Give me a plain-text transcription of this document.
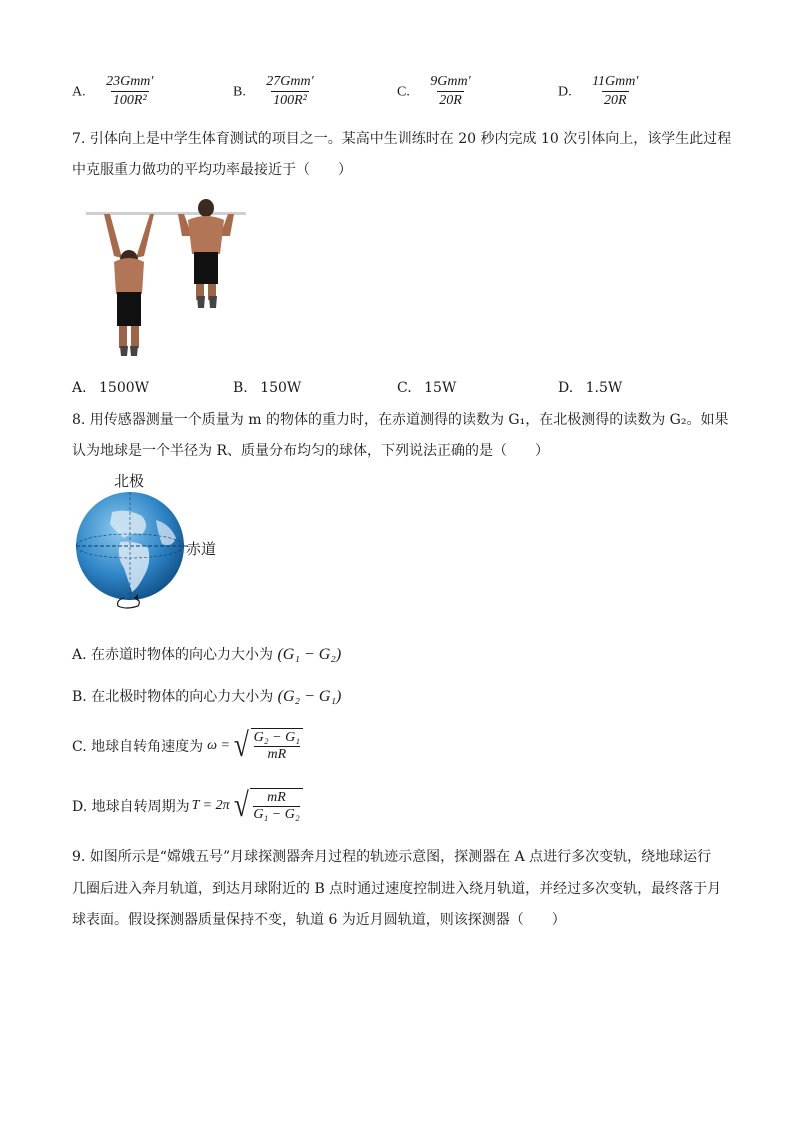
A. $\frac{\text{23Gmm′}}{\text{100R²}}$	B. $\frac{\text{27Gmm′}}{\text{100R²}}$	C. $\frac{\text{9Gmm′}}{20R}$	D. $\frac{\text{11Gmm′}}{20R}$
7. 引体向上是中学生体育测试的项目之一。某高中生训练时在 20 秒内完成 10 次引体向上，该学生此过程
中克服重力做功的平均功率最接近于（　　）
A. 1500W	B. 150W	C. 15W	D. 1.5W
8. 用传感器测量一个质量为 m 的物体的重力时，在赤道测得的读数为 G₁，在北极测得的读数为 G₂。如果
认为地球是一个半径为 R、质量分布均匀的球体，下列说法正确的是（　　）
北极
赤道
A. 在赤道时物体的向心力大小为 (G₁ − G₂)
B. 在北极时物体的向心力大小为 (G₂ − G₁)
C. 地球自转角速度为 ω = √ $\frac{\text{G₂ − G₁}}{mR}$
D. 地球自转周期为 T = 2π √ $\frac{mR}{\text{G₁ − G₂}}$
9. 如图所示是“嫦娥五号”月球探测器奔月过程的轨迹示意图，探测器在 A 点进行多次变轨，绕地球运行
几圈后进入奔月轨道，到达月球附近的 B 点时通过速度控制进入绕月轨道，并经过多次变轨，最终落于月
球表面。假设探测器质量保持不变，轨道 6 为近月圆轨道，则该探测器（　　）
